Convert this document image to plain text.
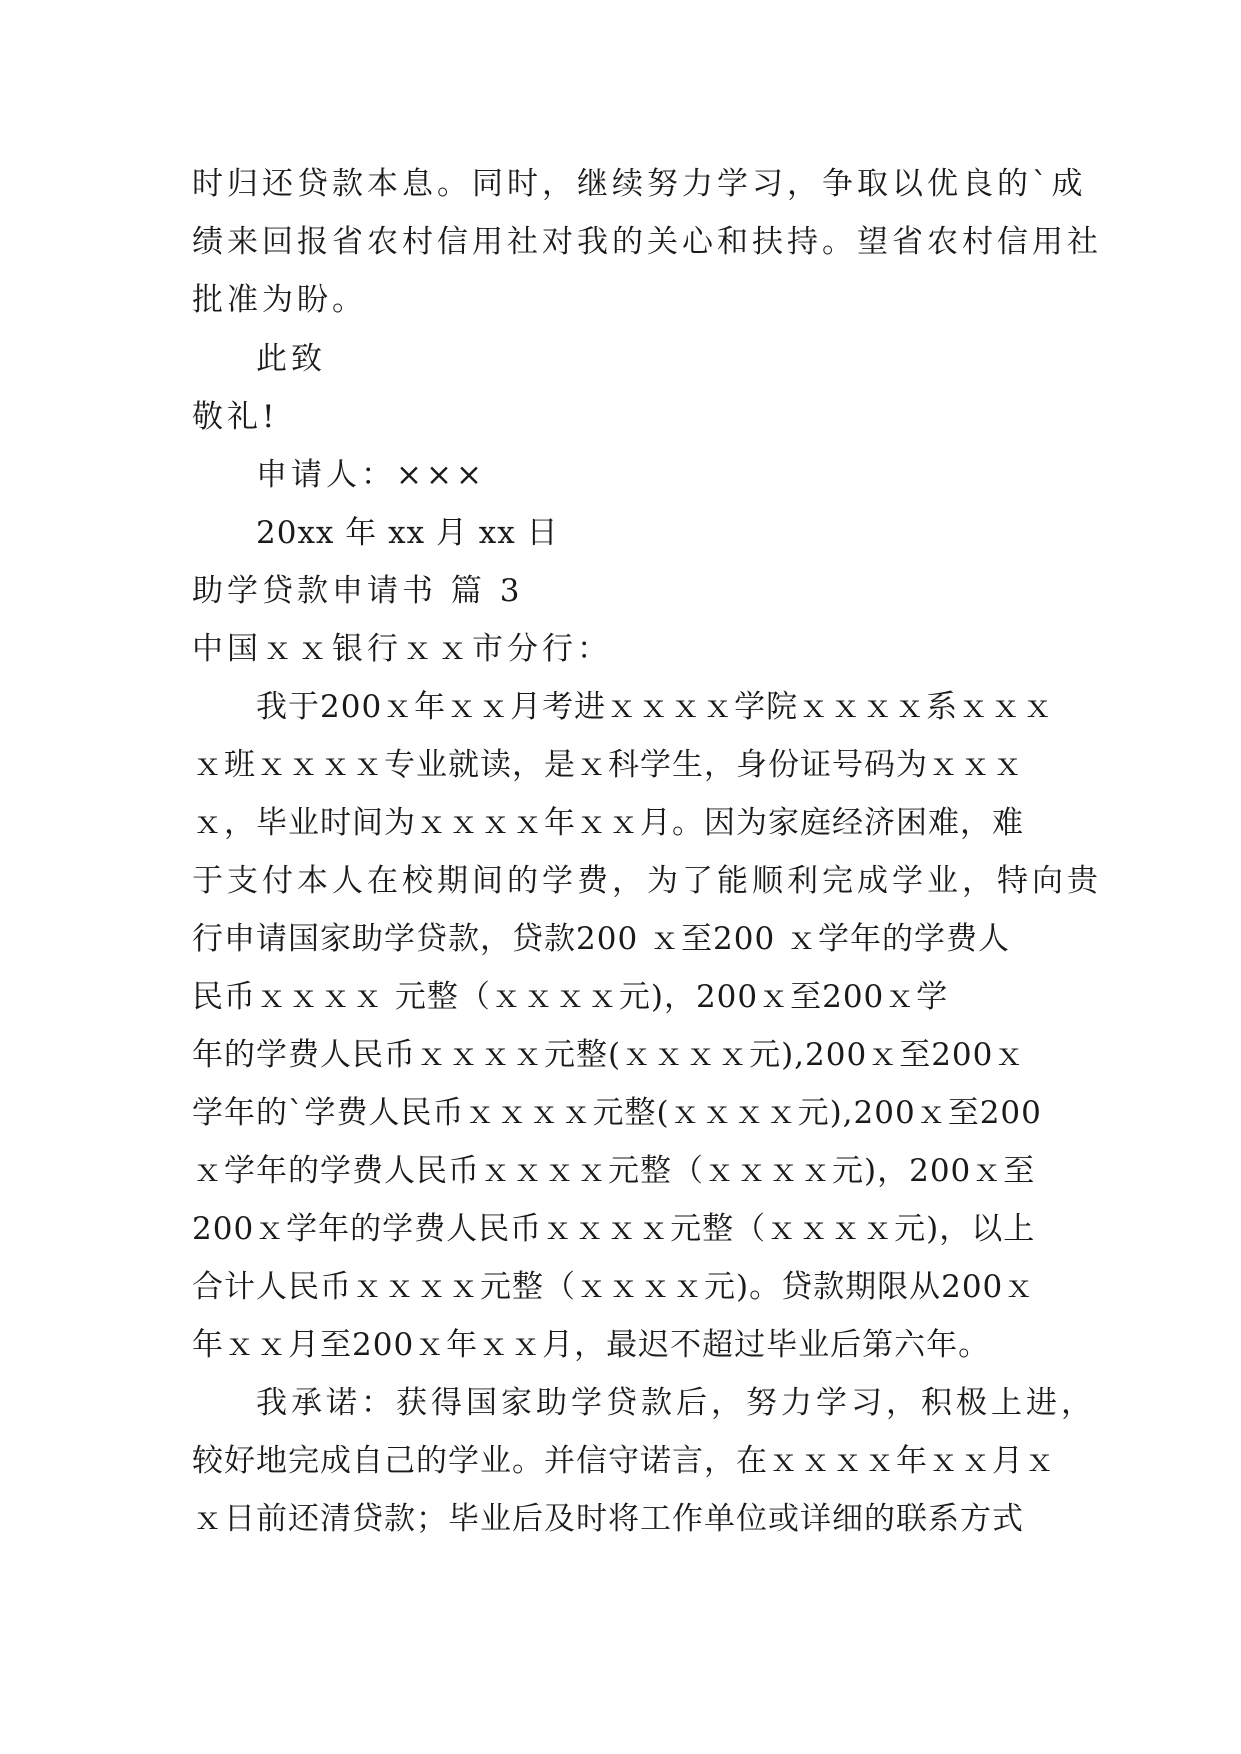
时归还贷款本息。同时，继续努力学习，争取以优良的`成
绩来回报省农村信用社对我的关心和扶持。望省农村信用社
批准为盼。
此致
敬礼!
申请人：×××
20xx 年 xx 月 xx 日
助学贷款申请书 篇 3
中国ｘｘ银行ｘｘ市分行：
我于200ｘ年ｘｘ月考进ｘｘｘｘ学院ｘｘｘｘ系ｘｘｘ
ｘ班ｘｘｘｘ专业就读，是ｘ科学生，身份证号码为ｘｘｘ
ｘ，毕业时间为ｘｘｘｘ年ｘｘ月。因为家庭经济困难，难
于支付本人在校期间的学费，为了能顺利完成学业，特向贵
行申请国家助学贷款，贷款200 ｘ至200 ｘ学年的学费人
民币ｘｘｘｘ 元整（ｘｘｘｘ元)，200ｘ至200ｘ学
年的学费人民币ｘｘｘｘ元整(ｘｘｘｘ元),200ｘ至200ｘ
学年的`学费人民币ｘｘｘｘ元整(ｘｘｘｘ元),200ｘ至200
ｘ学年的学费人民币ｘｘｘｘ元整（ｘｘｘｘ元)，200ｘ至
200ｘ学年的学费人民币ｘｘｘｘ元整（ｘｘｘｘ元)，以上
合计人民币ｘｘｘｘ元整（ｘｘｘｘ元)。贷款期限从200ｘ
年ｘｘ月至200ｘ年ｘｘ月，最迟不超过毕业后第六年。
我承诺：获得国家助学贷款后，努力学习，积极上进，
较好地完成自己的学业。并信守诺言，在ｘｘｘｘ年ｘｘ月ｘ
ｘ日前还清贷款；毕业后及时将工作单位或详细的联系方式
